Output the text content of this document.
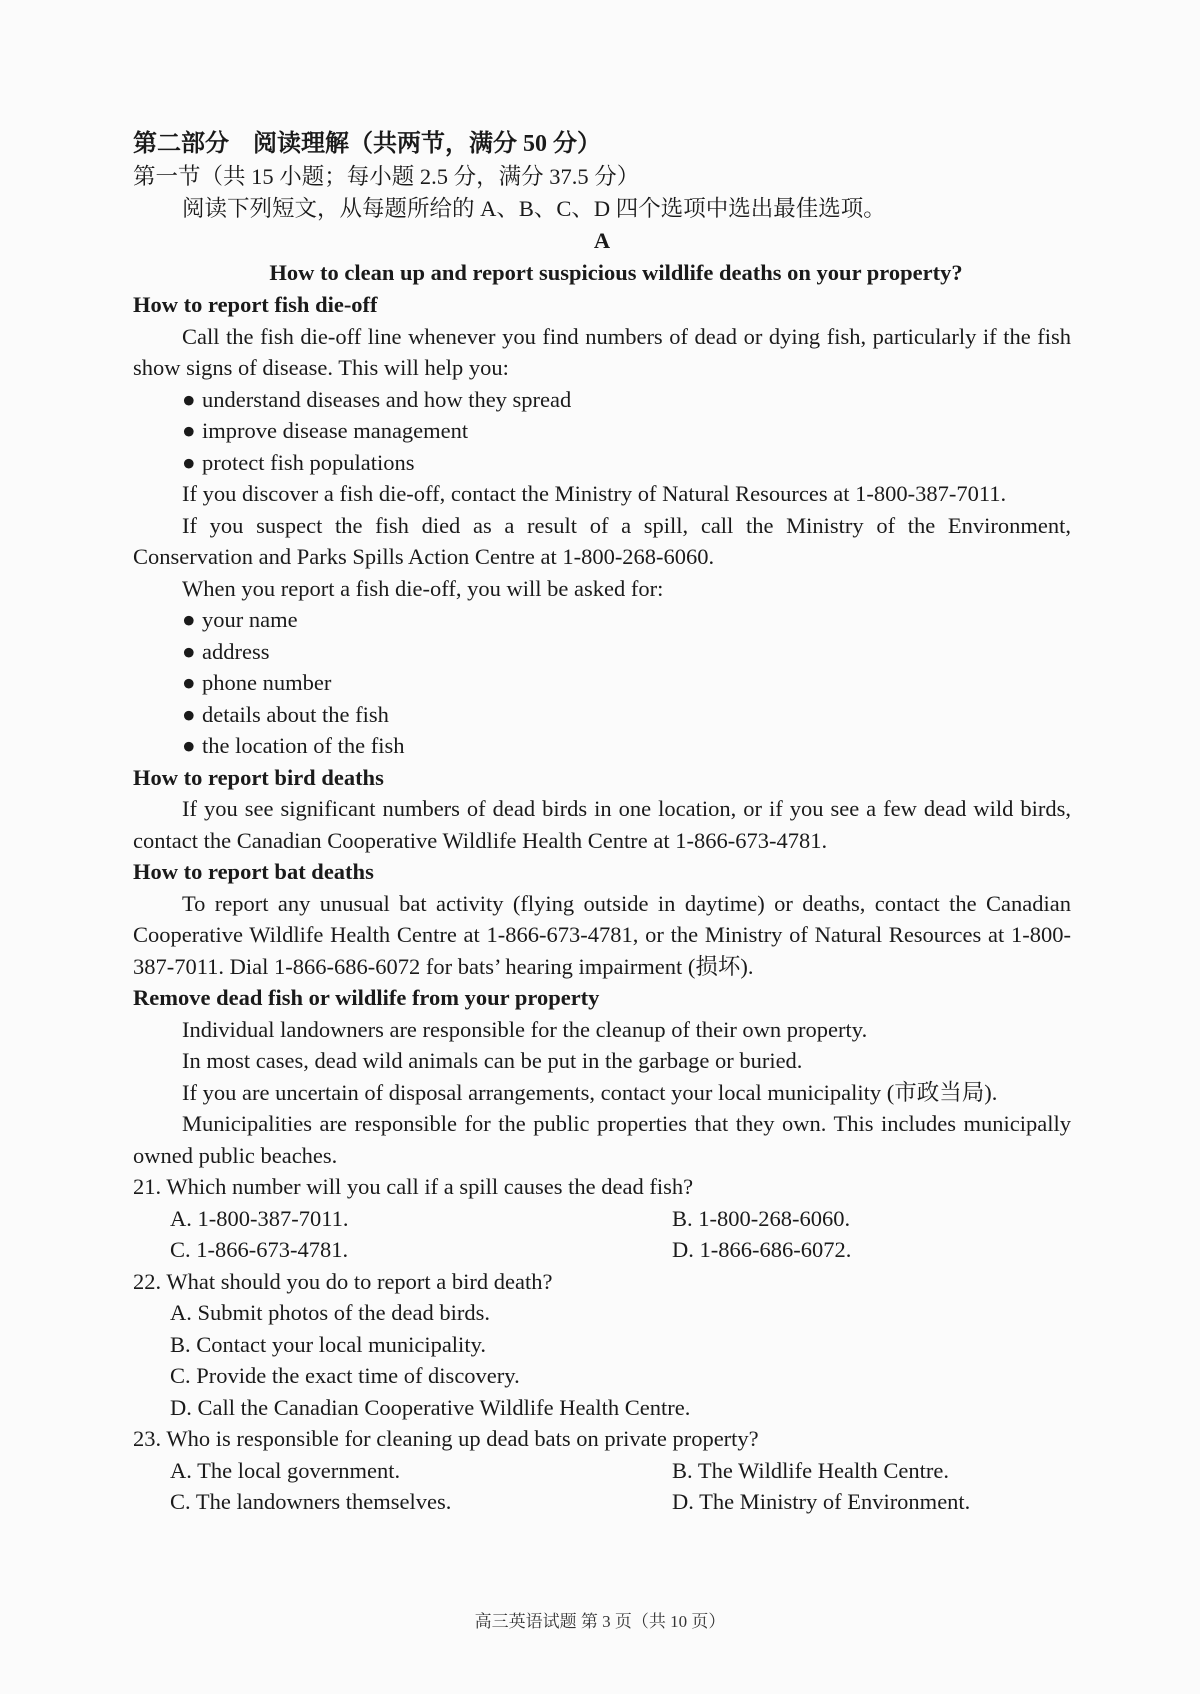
第二部分　阅读理解（共两节，满分 50 分）
第一节（共 15 小题；每小题 2.5 分，满分 37.5 分）
阅读下列短文，从每题所给的 A、B、C、D 四个选项中选出最佳选项。
A
How to clean up and report suspicious wildlife deaths on your property?
How to report fish die-off
Call the fish die-off line whenever you find numbers of dead or dying fish, particularly if the fish show signs of disease. This will help you:
● understand diseases and how they spread
● improve disease management
● protect fish populations
If you discover a fish die-off, contact the Ministry of Natural Resources at 1-800-387-7011.
If you suspect the fish died as a result of a spill, call the Ministry of the Environment, Conservation and Parks Spills Action Centre at 1-800-268-6060.
When you report a fish die-off, you will be asked for:
● your name
● address
● phone number
● details about the fish
● the location of the fish
How to report bird deaths
If you see significant numbers of dead birds in one location, or if you see a few dead wild birds, contact the Canadian Cooperative Wildlife Health Centre at 1-866-673-4781.
How to report bat deaths
To report any unusual bat activity (flying outside in daytime) or deaths, contact the Canadian Cooperative Wildlife Health Centre at 1-866-673-4781, or the Ministry of Natural Resources at 1-800-387-7011. Dial 1-866-686-6072 for bats’ hearing impairment (损坏).
Remove dead fish or wildlife from your property
Individual landowners are responsible for the cleanup of their own property.
In most cases, dead wild animals can be put in the garbage or buried.
If you are uncertain of disposal arrangements, contact your local municipality (市政当局).
Municipalities are responsible for the public properties that they own. This includes municipally owned public beaches.
21. Which number will you call if a spill causes the dead fish?
A. 1-800-387-7011.	B. 1-800-268-6060.
C. 1-866-673-4781.	D. 1-866-686-6072.
22. What should you do to report a bird death?
A. Submit photos of the dead birds.
B. Contact your local municipality.
C. Provide the exact time of discovery.
D. Call the Canadian Cooperative Wildlife Health Centre.
23. Who is responsible for cleaning up dead bats on private property?
A. The local government.	B. The Wildlife Health Centre.
C. The landowners themselves.	D. The Ministry of Environment.
高三英语试题 第 3 页（共 10 页）
